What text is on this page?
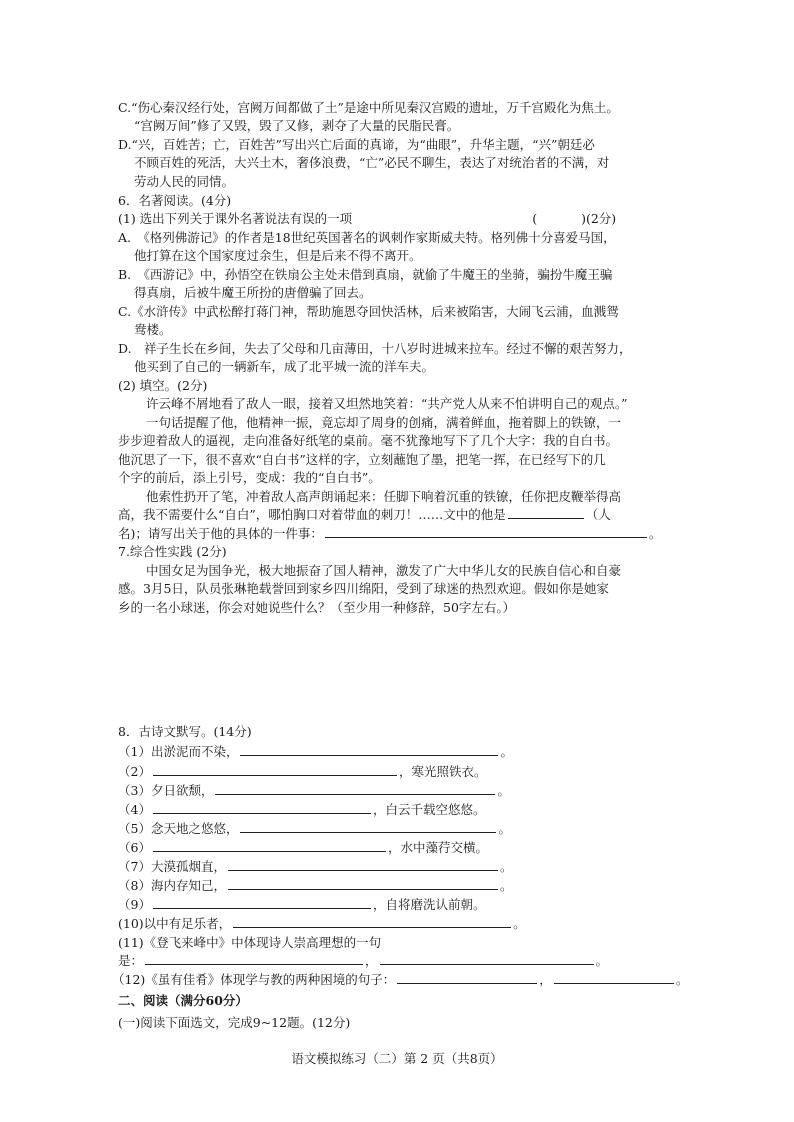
C.“伤心秦汉经行处，宫阙万间都做了土”是途中所见秦汉宫殿的遗址，万千宫殿化为焦土。
“宫阙万间”修了又毁，毁了又修，剥夺了大量的民脂民膏。
D.“兴，百姓苦；亡，百姓苦”写出兴亡后面的真谛，为“曲眼”，升华主题，“兴”朝廷必
不顾百姓的死活，大兴土木，奢侈浪费，“亡”必民不聊生，表达了对统治者的不满，对
劳动人民的同情。
6．名著阅读。(4分)
(1) 选出下列关于课外名著说法有误的一项	(	)(2分)
A.　《格列佛游记》的作者是18世纪英国著名的讽刺作家斯威夫特。格列佛十分喜爱马国，
他打算在这个国家度过余生，但是后来不得不离开。
B.　《西游记》中，孙悟空在铁扇公主处未借到真扇，就偷了牛魔王的坐骑，骗扮牛魔王骗
得真扇，后被牛魔王所扮的唐僧骗了回去。
C.《水浒传》中武松醉打蒋门神，帮助施恩夺回快活林，后来被陷害，大闹飞云浦，血溅鸳
鸯楼。
D.　祥子生长在乡间，失去了父母和几亩薄田，十八岁时进城来拉车。经过不懈的艰苦努力，
他买到了自己的一辆新车，成了北平城一流的洋车夫。
(2) 填空。(2分)
许云峰不屑地看了敌人一眼，接着又坦然地笑着：“共产党人从来不怕讲明自己的观点。”
一句话提醒了他，他精神一振，竟忘却了周身的创痛，满着鲜血，拖着脚上的铁镣，一
步步迎着敌人的逼视，走向准备好纸笔的桌前。毫不犹豫地写下了几个大字：我的自白书。
他沉思了一下，很不喜欢“自白书”这样的字，立刻蘸饱了墨，把笔一挥，在已经写下的几
个字的前后，添上引号，变成：我的“自白书”。
他索性扔开了笔，冲着敌人高声朗诵起来：任脚下响着沉重的铁镣，任你把皮鞭举得高
高，我不需要什么“自白”，哪怕胸口对着带血的刺刀！……文中的他是	（人
名)；请写出关于他的具体的一件事：	。
7.综合性实践 (2分)
中国女足为国争光，极大地振奋了国人精神，激发了广大中华儿女的民族自信心和自豪
感。3月5日，队员张琳艳载誉回到家乡四川绵阳，受到了球迷的热烈欢迎。假如你是她家
乡的一名小球迷，你会对她说些什么？（至少用一种修辞，50字左右。）
8．古诗文默写。(14分)
（1）出淤泥而不染，	。
（2）	，寒光照铁衣。
（3）夕日欲颓，	。
（4）	，白云千载空悠悠。
（5）念天地之悠悠，	。
（6）	，水中藻荇交横。
（7）大漠孤烟直，	。
（8）海内存知己，	。
（9）	，自将磨洗认前朝。
(10)以中有足乐者，	。
(11)《登飞来峰中》中体现诗人崇高理想的一句
是：	，	。
（12)《虽有佳肴》体现学与教的两种困境的句子：	，	。
二、阅读（满分60分）
(一)阅读下面选文，完成9~12题。(12分)
语文模拟练习（二）第 2 页（共8页）
